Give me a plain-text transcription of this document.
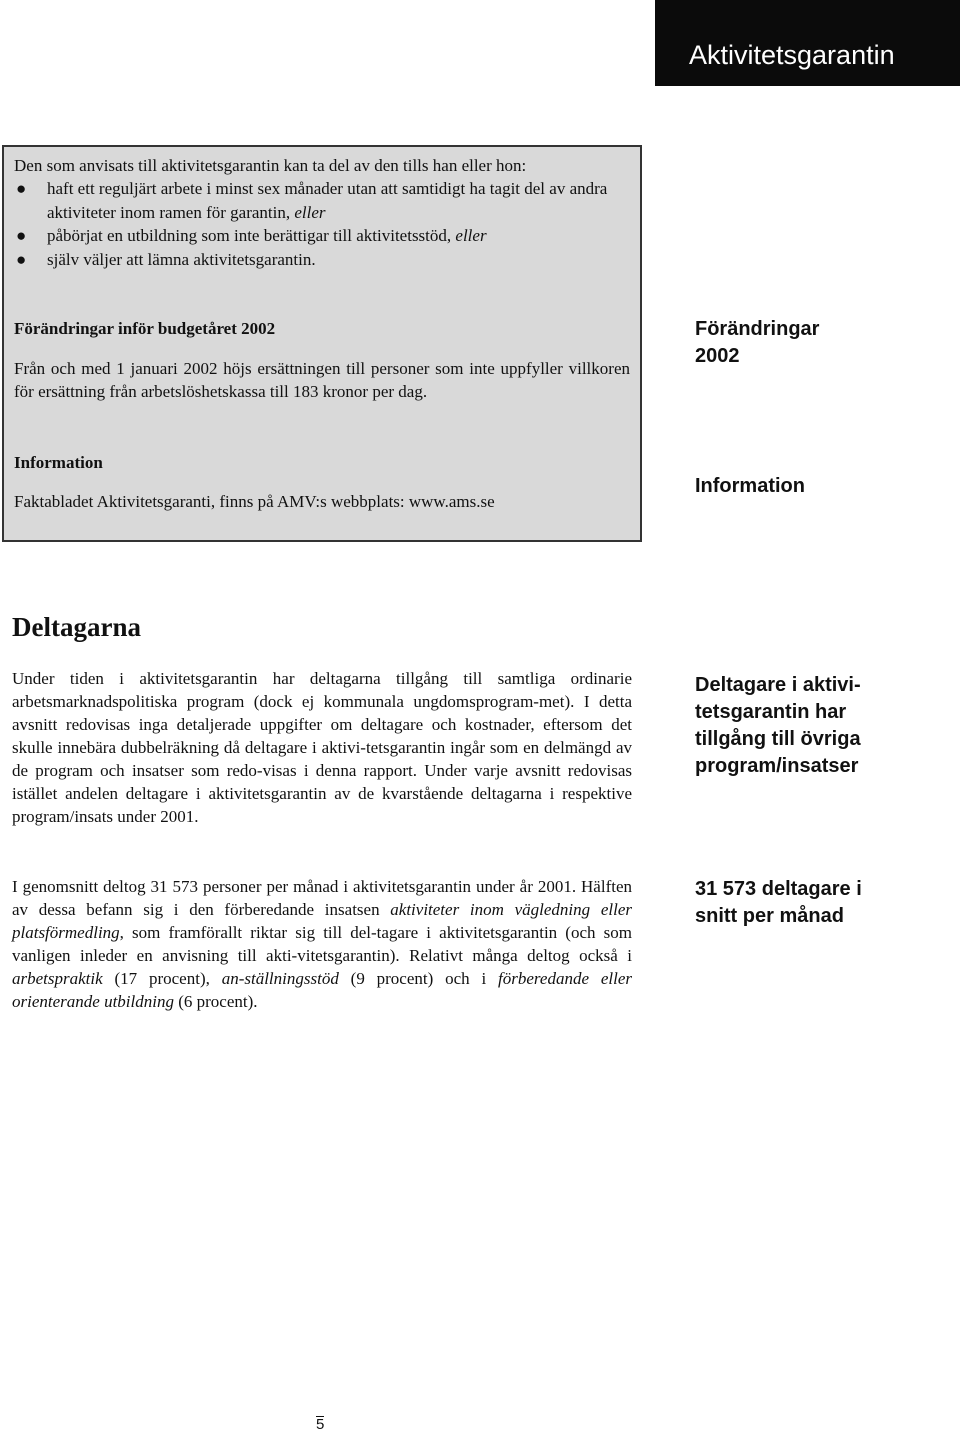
Aktivitetsgarantin

Den som anvisats till aktivitetsgarantin kan ta del av den tills han eller hon:

● haft ett reguljärt arbete i minst sex månader utan att samtidigt ha tagit del av andra aktiviteter inom ramen för garantin, eller
● påbörjat en utbildning som inte berättigar till aktivitetsstöd, eller
● själv väljer att lämna aktivitetsgarantin.

Förändringar inför budgetåret 2002

Från och med 1 januari 2002 höjs ersättningen till personer som inte uppfyller villkoren för ersättning från arbetslöshetskassa till 183 kronor per dag.

Information

Faktabladet Aktivitetsgaranti, finns på AMV:s webbplats: www.ams.se

Förändringar
2002
Information
Deltagarna

Under tiden i aktivitetsgarantin har deltagarna tillgång till samtliga ordinarie arbetsmarknadspolitiska program (dock ej kommunala ungdomsprogram-met). I detta avsnitt redovisas inga detaljerade uppgifter om deltagare och kostnader, eftersom det skulle innebära dubbelräkning då deltagare i aktivi-tetsgarantin ingår som en delmängd av de program och insatser som redo-visas i denna rapport. Under varje avsnitt redovisas istället andelen deltagare i aktivitetsgarantin av de kvarstående deltagarna i respektive program/insats under 2001.

I genomsnitt deltog 31 573 personer per månad i aktivitetsgarantin under år 2001. Hälften av dessa befann sig i den förberedande insatsen aktiviteter inom vägledning eller platsförmedling, som framförallt riktar sig till del-tagare i aktivitetsgarantin (och som vanligen inleder en anvisning till akti-vitetsgarantin). Relativt många deltog också i arbetspraktik (17 procent), an-ställningsstöd (9 procent) och i förberedande eller orienterande utbildning (6 procent).

Deltagare i aktivi-
tetsgarantin har
tillgång till övriga
program/insatser
31 573 deltagare i
snitt per månad
5
